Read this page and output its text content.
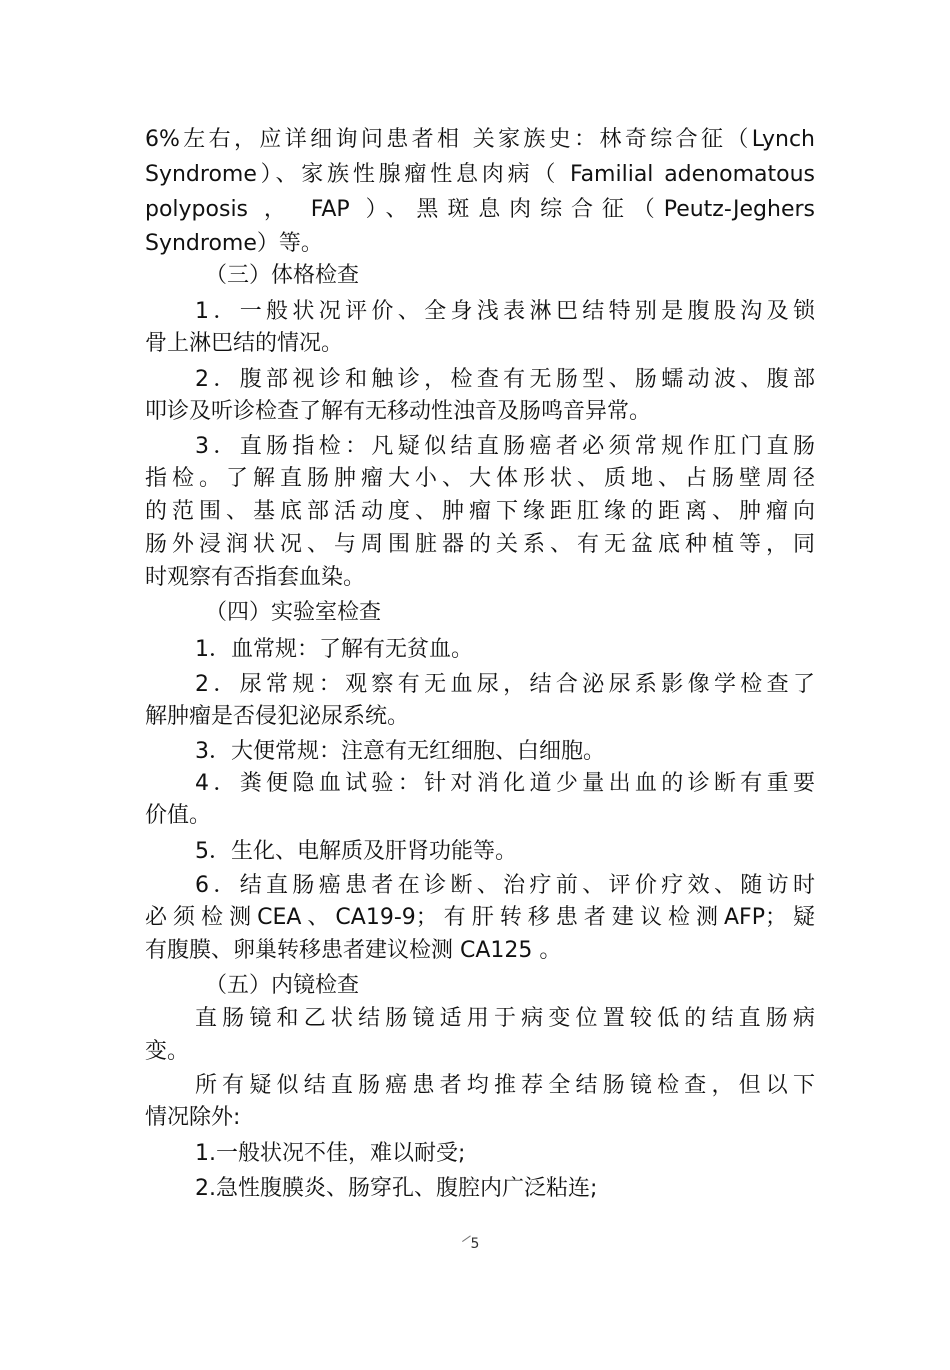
6%左右，应详细询问患者相 关家族史：林奇综合征（Lynch
Syndrome）、家族性腺瘤性息肉病（ Familial adenomatous
polyposis ， FAP ）、黑斑息肉综合征（Peutz-Jeghers
Syndrome）等。
（三）体格检查
1．一般状况评价、全身浅表淋巴结特别是腹股沟及锁
骨上淋巴结的情况。
2．腹部视诊和触诊，检查有无肠型、肠蠕动波、腹部
叩诊及听诊检查了解有无移动性浊音及肠鸣音异常。
3．直肠指检：凡疑似结直肠癌者必须常规作肛门直肠
指检。了解直肠肿瘤大小、大体形状、质地、占肠壁周径
的范围、基底部活动度、肿瘤下缘距肛缘的距离、肿瘤向
肠外浸润状况、与周围脏器的关系、有无盆底种植等，同
时观察有否指套血染。
（四）实验室检查
1．血常规：了解有无贫血。
2．尿常规：观察有无血尿，结合泌尿系影像学检查了
解肿瘤是否侵犯泌尿系统。
3．大便常规：注意有无红细胞、白细胞。
4．粪便隐血试验：针对消化道少量出血的诊断有重要
价值。
5．生化、电解质及肝肾功能等。
6．结直肠癌患者在诊断、治疗前、评价疗效、随访时
必须检测CEA、CA19-9；有肝转移患者建议检测AFP；疑
有腹膜、卵巢转移患者建议检测 CA125 。
（五）内镜检查
直肠镜和乙状结肠镜适用于病变位置较低的结直肠病
变。
所有疑似结直肠癌患者均推荐全结肠镜检查，但以下
情况除外:
1.一般状况不佳，难以耐受;
2.急性腹膜炎、肠穿孔、腹腔内广泛粘连;
5
